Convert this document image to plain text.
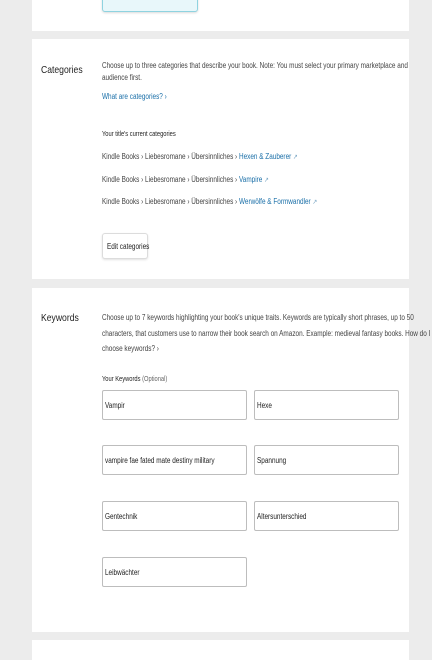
Categories Choose up to three categories that describe your book. Note: You must select your primary marketplace and
audience first.
What are categories? ›
Your title's current categories
Kindle Books › Liebesromane › Übersinnliches › Hexen & Zauberer ↗
Kindle Books › Liebesromane › Übersinnliches › Vampire ↗
Kindle Books › Liebesromane › Übersinnliches › Werwölfe & Formwandler ↗
Edit categories
Keywords	Choose up to 7 keywords highlighting your book's unique traits. Keywords are typically short phrases, up to 50
characters, that customers use to narrow their book search on Amazon. Example: medieval fantasy books. How do I
choose keywords? ›
Your Keywords (Optional)
Vampir	Hexe
vampire fae fated mate destiny military	Spannung
Gentechnik	Altersunterschied
Leibwächter
